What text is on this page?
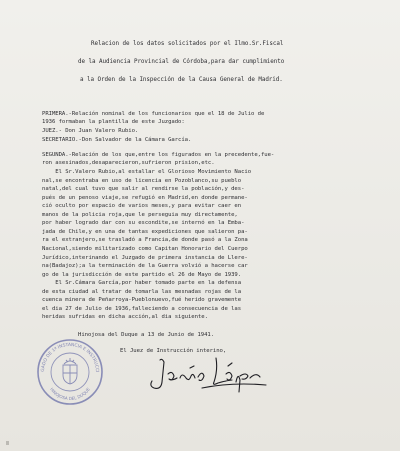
Relacion de los datos solicitados por el Ilmo.Sr.Fiscal

de la Audiencia Provincial de Córdoba,para dar cumplimiento

a la Orden de la Inspección de la Causa General de Madrid.

PRIMERA.-Relación nominal de los funcionarios que el 18 de Julio de

1936 formaban la plantilla de este Juzgado:

JUEZ.- Don Juan Valero Rubio.

SECRETARIO.-Don Salvador de la Cámara García.

SEGUNDA.-Relación de los que,entre los figurados en la precedente,fue-

ron asesinados,desaparecieron,sufrieron prision,etc.

El Sr.Valero Rubio,al estallar el Glorioso Movimiento Nacio

nal,se encontraba en uso de licencia en Pozoblanco,su pueblo

natal,del cual tuvo que salir al rendirse la población,y des-

pués de un penoso viaje,se refugió en Madrid,en donde permane-

ció oculto por espacio de varios meses,y para evitar caer en

manos de la policia roja,que le perseguia muy directamente,

por haber logrado dar con su escondite,se internó en la Emba-

jada de Chile,y en una de tantas expediciones que salieron pa-

ra el extranjero,se trasladó a Francia,de donde pasó a la Zona

Nacional,siendo militarizado como Capitan Honorario del Cuerpo

Jurídico,interinando el Juzgado de primera instancia de Llere-

na(Badajoz);a la terminación de la Guerra volvió a hacerse car

go de la jurisdicción de este partido el 26 de Mayo de 1939.

El Sr.Cámara García,por haber tomado parte en la defensa

de esta ciudad al tratar de tomarla las mesnadas rojas de la

cuenca minera de Peñarroya-Pueblonuevo,fué herido gravemente

el dia 27 de Julio de 1936,falleciendo a consecuencia de las

heridas sufridas en dicha acción,al dia siguiente.

Hinojosa del Duque a 13 de Junio de 1941.

El Juez de Instrucción interino,

GADO DE 1ª INSTANCIA E INSTRUCCI
HINOJOSA DEL DUQUE
